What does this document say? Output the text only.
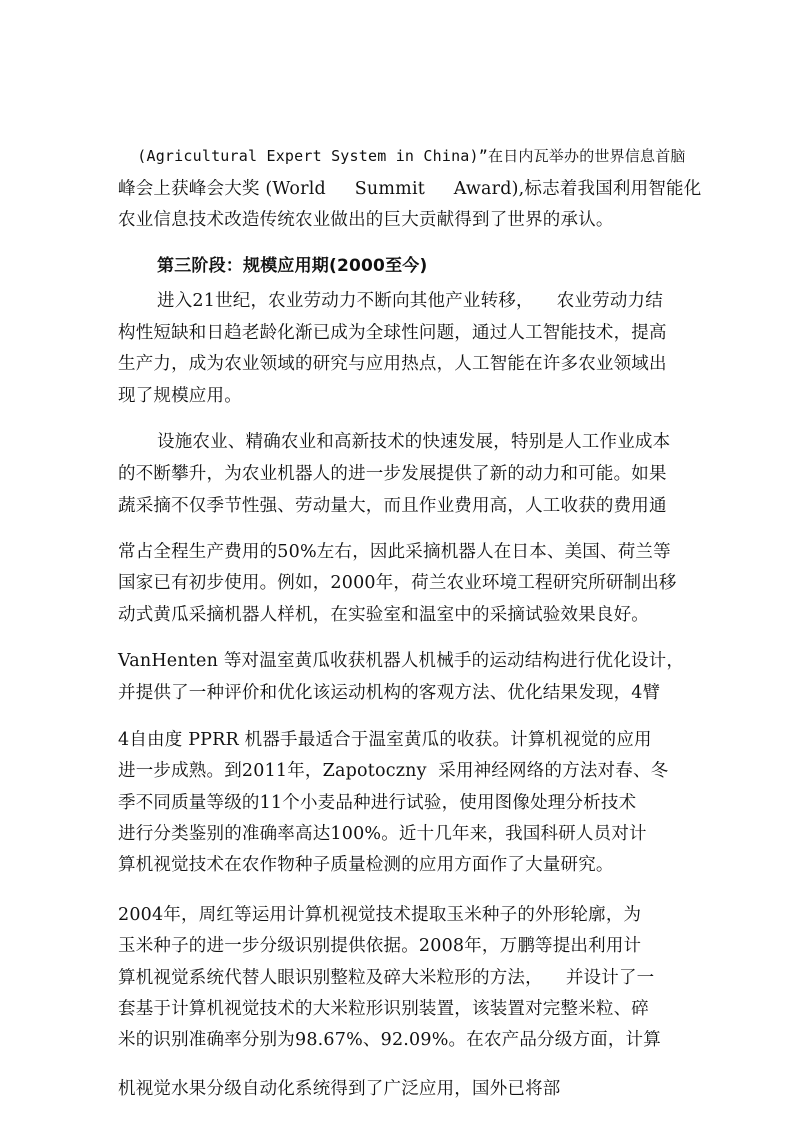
(Agricultural Expert System in China)”在日内瓦举办的世界信息首脑
峰会上获峰会大奖 (World     Summit     Award),标志着我国利用智能化
农业信息技术改造传统农业做出的巨大贡献得到了世界的承认。
第三阶段：规模应用期(2000至今)
进入21世纪，农业劳动力不断向其他产业转移，    农业劳动力结
构性短缺和日趋老龄化渐已成为全球性问题，通过人工智能技术，提高
生产力，成为农业领域的研究与应用热点，人工智能在许多农业领域出
现了规模应用。
设施农业、精确农业和高新技术的快速发展，特别是人工作业成本
的不断攀升，为农业机器人的进一步发展提供了新的动力和可能。如果
蔬采摘不仅季节性强、劳动量大，而且作业费用高，人工收获的费用通
常占全程生产费用的50%左右，因此采摘机器人在日本、美国、荷兰等
国家已有初步使用。例如，2000年，荷兰农业环境工程研究所研制出移
动式黄瓜采摘机器人样机，在实验室和温室中的采摘试验效果良好。
VanHenten 等对温室黄瓜收获机器人机械手的运动结构进行优化设计，
并提供了一种评价和优化该运动机构的客观方法、优化结果发现，4臂
4自由度 PPRR 机器手最适合于温室黄瓜的收获。计算机视觉的应用
进一步成熟。到2011年，Zapotoczny  采用神经网络的方法对春、冬
季不同质量等级的11个小麦品种进行试验，使用图像处理分析技术
进行分类鉴别的准确率高达100%。近十几年来，我国科研人员对计
算机视觉技术在农作物种子质量检测的应用方面作了大量研究。
2004年，周红等运用计算机视觉技术提取玉米种子的外形轮廓，为
玉米种子的进一步分级识别提供依据。2008年，万鹏等提出利用计
算机视觉系统代替人眼识别整粒及碎大米粒形的方法，    并设计了一
套基于计算机视觉技术的大米粒形识别装置，该装置对完整米粒、碎
米的识别准确率分别为98.67%、92.09%。在农产品分级方面，计算
机视觉水果分级自动化系统得到了广泛应用，国外已将部
